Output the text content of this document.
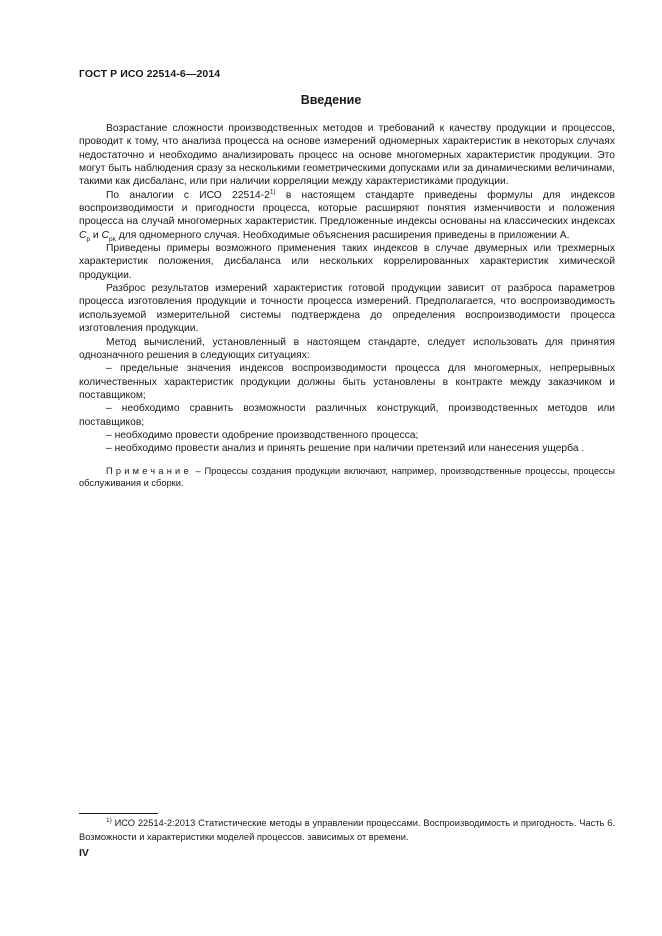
ГОСТ Р ИСО 22514-6—2014
Введение

Возрастание сложности производственных методов и требований к качеству продукции и процессов, проводит к тому, что анализа процесса на основе измерений одномерных характеристик в некоторых случаях недостаточно и необходимо анализировать процесс на основе многомерных характеристик продукции. Это могут быть наблюдения сразу за несколькими геометрическими допусками или за динамическими величинами, такими как дисбаланс, или при наличии корреляции между характеристиками продукции.

По аналогии с ИСО 22514-2$^{1)}$ в настоящем стандарте приведены формулы для индексов воспроизводимости и пригодности процесса, которые расширяют понятия изменчивости и положения процесса на случай многомерных характеристик. Предложенные индексы основаны на классических индексах $C_p$ и $C_{pk}$ для одномерного случая. Необходимые объяснения расширения приведены в приложении А.

Приведены примеры возможного применения таких индексов в случае двумерных или трехмерных характеристик положения, дисбаланса или нескольких коррелированных характеристик химической продукции.

Разброс результатов измерений характеристик готовой продукции зависит от разброса параметров процесса изготовления продукции и точности процесса измерений. Предполагается, что воспроизводимость используемой измерительной системы подтверждена до определения воспроизводимости процесса изготовления продукции.

Метод вычислений, установленный в настоящем стандарте, следует использовать для принятия однозначного решения в следующих ситуациях:

– предельные значения индексов воспроизводимости процесса для многомерных, непрерывных количественных характеристик продукции должны быть установлены в контракте между заказчиком и поставщиком;

– необходимо сравнить возможности различных конструкций, производственных методов или поставщиков;

– необходимо провести одобрение производственного процесса;

– необходимо провести анализ и принять решение при наличии претензий или нанесения ущерба .

Примечание – Процессы создания продукции включают, например, производственные процессы, процессы обслуживания и сборки.

$^{1)}$ ИСО 22514-2:2013 Статистические методы в управлении процессами. Воспроизводимость и пригодность. Часть 6. Возможности и характеристики моделей процессов. зависимых от времени.
IV
